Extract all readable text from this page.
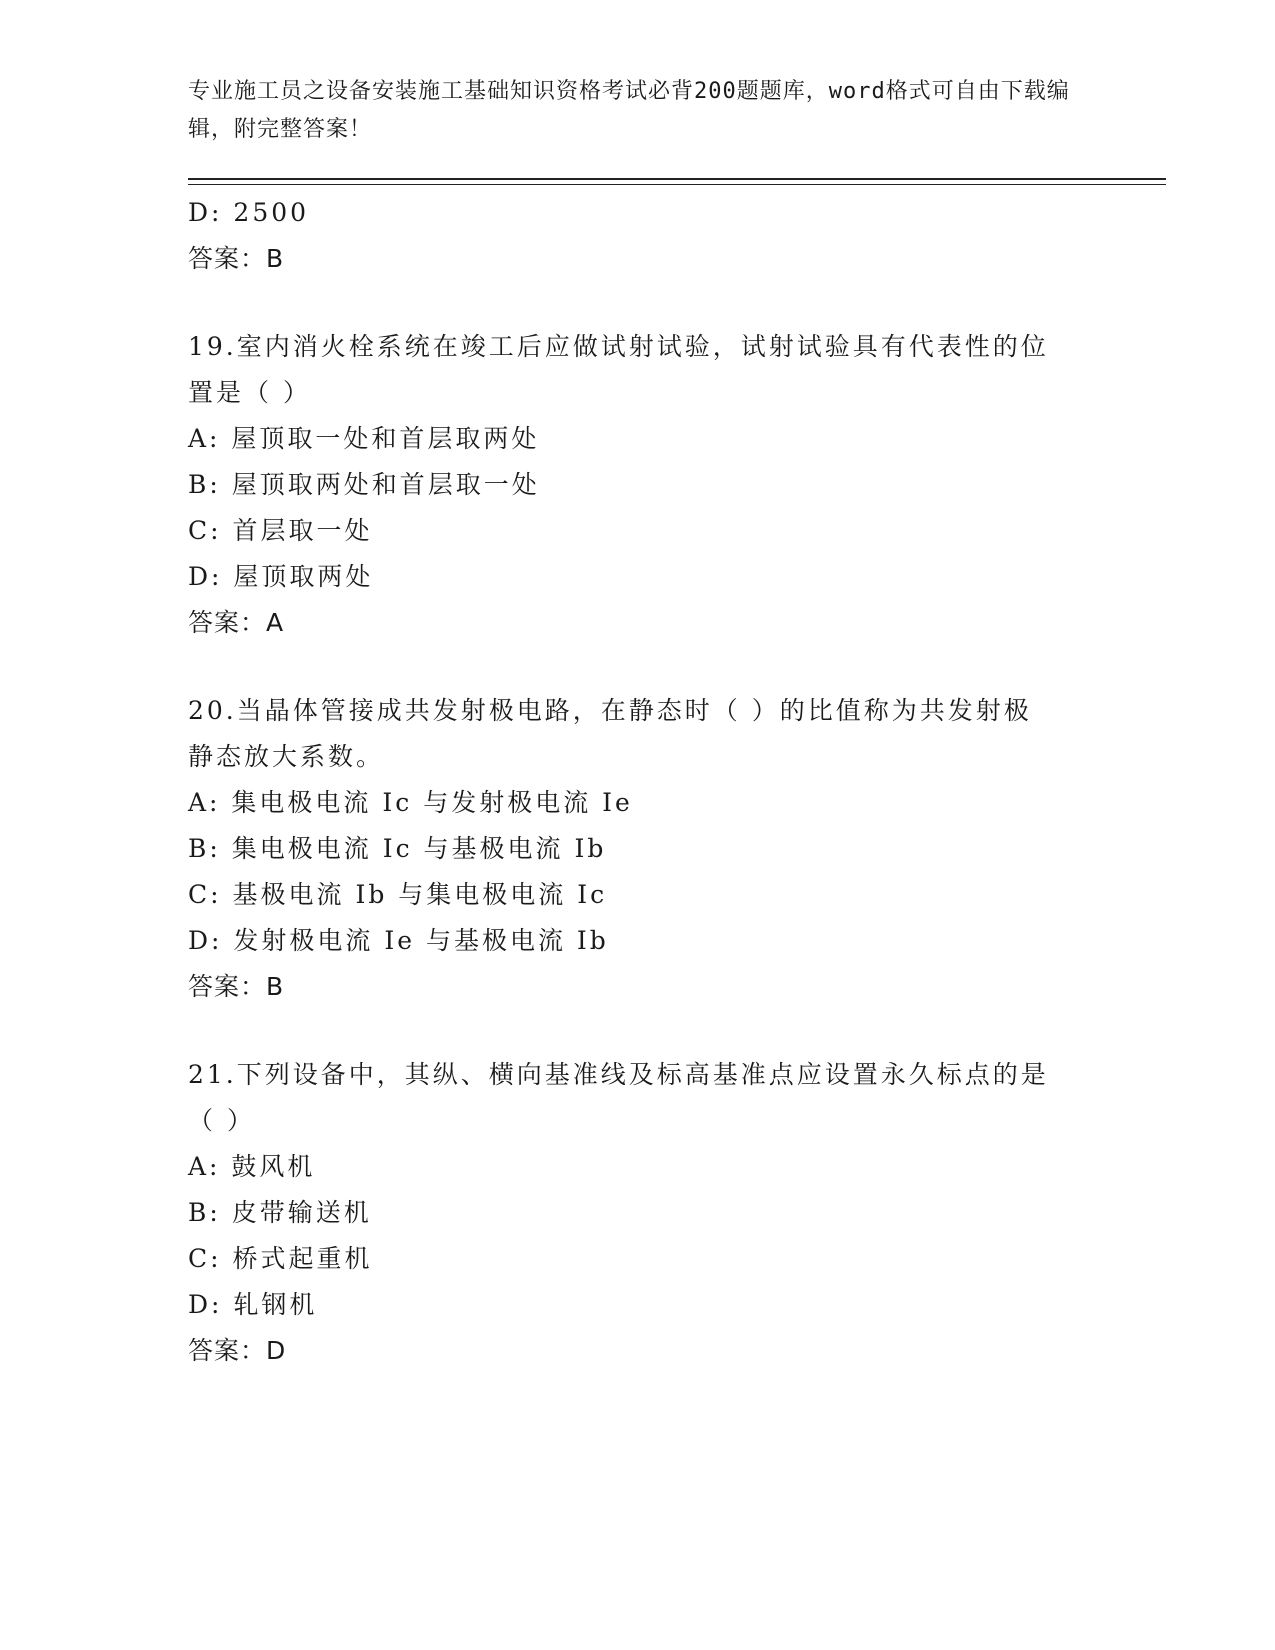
专业施工员之设备安装施工基础知识资格考试必背200题题库，word格式可自由下载编辑，附完整答案！
D: 2500
答案：B
19.室内消火栓系统在竣工后应做试射试验，试射试验具有代表性的位
置是（ ）
A: 屋顶取一处和首层取两处
B: 屋顶取两处和首层取一处
C: 首层取一处
D: 屋顶取两处
答案：A
20.当晶体管接成共发射极电路，在静态时（ ）的比值称为共发射极
静态放大系数。
A: 集电极电流 Ic 与发射极电流 Ie
B: 集电极电流 Ic 与基极电流 Ib
C: 基极电流 Ib 与集电极电流 Ic
D: 发射极电流 Ie 与基极电流 Ib
答案：B
21.下列设备中，其纵、横向基准线及标高基准点应设置永久标点的是
（ ）
A: 鼓风机
B: 皮带输送机
C: 桥式起重机
D: 轧钢机
答案：D
